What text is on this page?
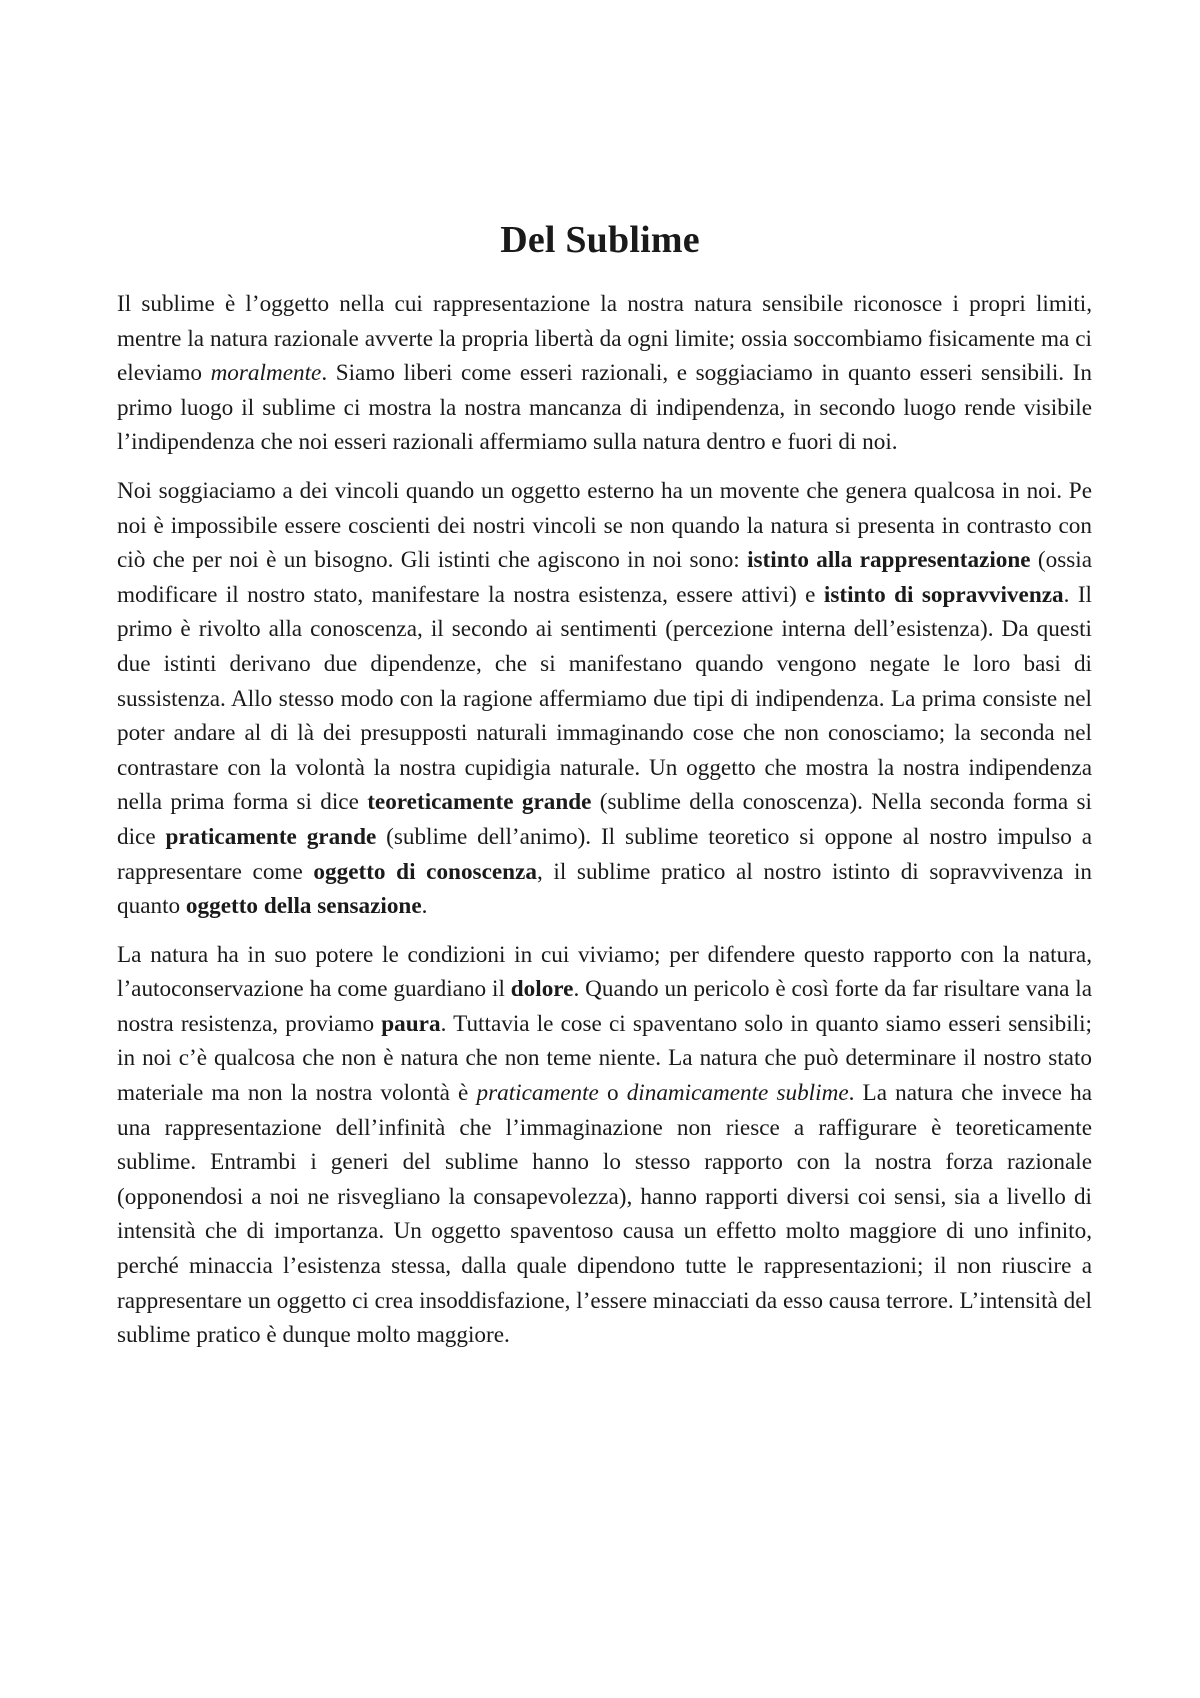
Del Sublime

Il sublime è l’oggetto nella cui rappresentazione la nostra natura sensibile riconosce i propri limiti, mentre la natura razionale avverte la propria libertà da ogni limite; ossia soccombiamo fisicamente ma ci eleviamo moralmente. Siamo liberi come esseri razionali, e soggiaciamo in quanto esseri sensibili. In primo luogo il sublime ci mostra la nostra mancanza di indipendenza, in secondo luogo rende visibile l’indipendenza che noi esseri razionali affermiamo sulla natura dentro e fuori di noi.

Noi soggiaciamo a dei vincoli quando un oggetto esterno ha un movente che genera qualcosa in noi. Pe noi è impossibile essere coscienti dei nostri vincoli se non quando la natura si presenta in contrasto con ciò che per noi è un bisogno. Gli istinti che agiscono in noi sono: istinto alla rappresentazione (ossia modificare il nostro stato, manifestare la nostra esistenza, essere attivi) e istinto di sopravvivenza. Il primo è rivolto alla conoscenza, il secondo ai sentimenti (percezione interna dell’esistenza). Da questi due istinti derivano due dipendenze, che si manifestano quando vengono negate le loro basi di sussistenza. Allo stesso modo con la ragione affermiamo due tipi di indipendenza. La prima consiste nel poter andare al di là dei presupposti naturali immaginando cose che non conosciamo; la seconda nel contrastare con la volontà la nostra cupidigia naturale. Un oggetto che mostra la nostra indipendenza nella prima forma si dice teoreticamente grande (sublime della conoscenza). Nella seconda forma si dice praticamente grande (sublime dell’animo). Il sublime teoretico si oppone al nostro impulso a rappresentare come oggetto di conoscenza, il sublime pratico al nostro istinto di sopravvivenza in quanto oggetto della sensazione.

La natura ha in suo potere le condizioni in cui viviamo; per difendere questo rapporto con la natura, l’autoconservazione ha come guardiano il dolore. Quando un pericolo è così forte da far risultare vana la nostra resistenza, proviamo paura. Tuttavia le cose ci spaventano solo in quanto siamo esseri sensibili; in noi c’è qualcosa che non è natura che non teme niente. La natura che può determinare il nostro stato materiale ma non la nostra volontà è praticamente o dinamicamente sublime. La natura che invece ha una rappresentazione dell’infinità che l’immaginazione non riesce a raffigurare è teoreticamente sublime. Entrambi i generi del sublime hanno lo stesso rapporto con la nostra forza razionale (opponendosi a noi ne risvegliano la consapevolezza), hanno rapporti diversi coi sensi, sia a livello di intensità che di importanza. Un oggetto spaventoso causa un effetto molto maggiore di uno infinito, perché minaccia l’esistenza stessa, dalla quale dipendono tutte le rappresentazioni; il non riuscire a rappresentare un oggetto ci crea insoddisfazione, l’essere minacciati da esso causa terrore. L’intensità del sublime pratico è dunque molto maggiore.
